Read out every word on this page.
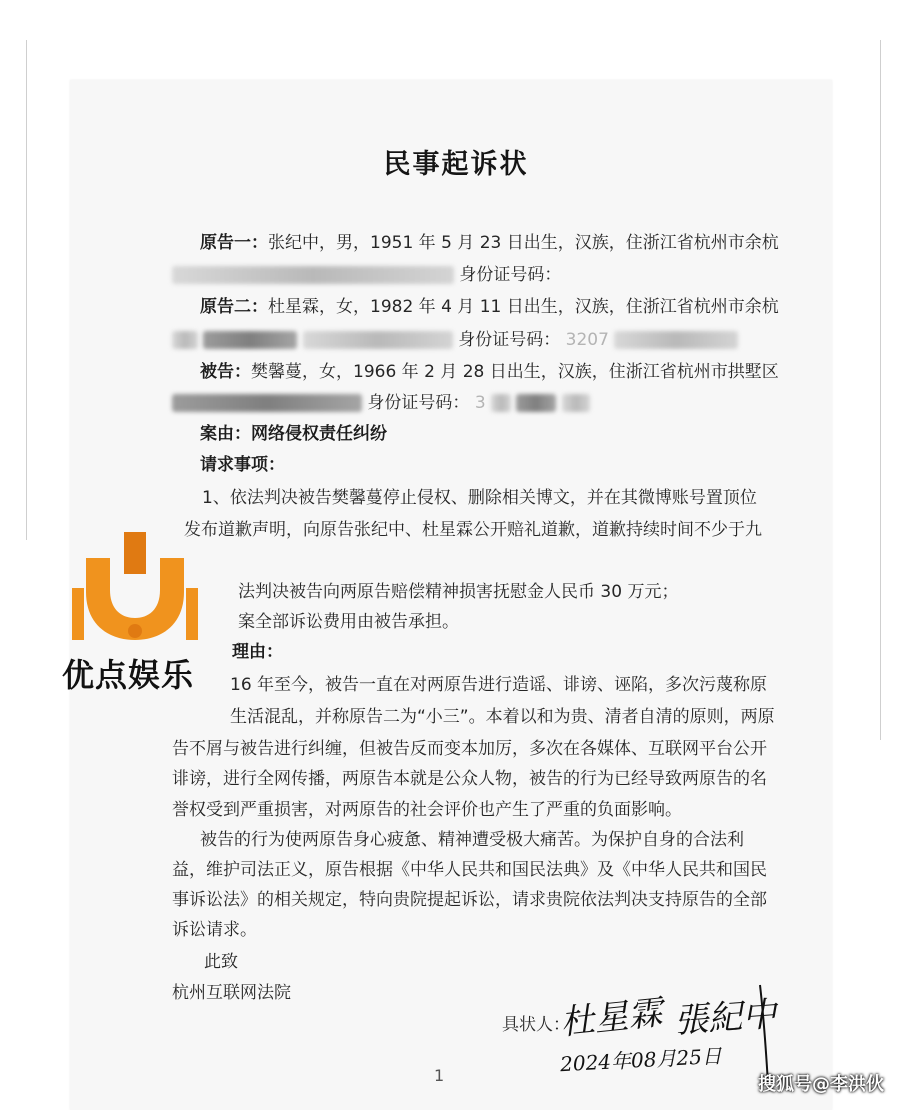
民事起诉状
原告一：张纪中，男，1951 年 5 月 23 日出生，汉族，住浙江省杭州市余杭
身份证号码：
原告二：杜星霖，女，1982 年 4 月 11 日出生，汉族，住浙江省杭州市余杭
身份证号码： 3207
被告：樊馨蔓，女，1966 年 2 月 28 日出生，汉族，住浙江省杭州市拱墅区
身份证号码： 3
案由：网络侵权责任纠纷
请求事项：
1、依法判决被告樊馨蔓停止侵权、删除相关博文，并在其微博账号置顶位
发布道歉声明，向原告张纪中、杜星霖公开赔礼道歉，道歉持续时间不少于九
法判决被告向两原告赔偿精神损害抚慰金人民币 30 万元；
案全部诉讼费用由被告承担。
理由：
16 年至今，被告一直在对两原告进行造谣、诽谤、诬陷，多次污蔑称原
生活混乱，并称原告二为“小三”。本着以和为贵、清者自清的原则，两原
告不屑与被告进行纠缠，但被告反而变本加厉，多次在各媒体、互联网平台公开
诽谤，进行全网传播，两原告本就是公众人物，被告的行为已经导致两原告的名
誉权受到严重损害，对两原告的社会评价也产生了严重的负面影响。
被告的行为使两原告身心疲惫、精神遭受极大痛苦。为保护自身的合法利
益，维护司法正义，原告根据《中华人民共和国民法典》及《中华人民共和国民
事诉讼法》的相关规定，特向贵院提起诉讼，请求贵院依法判决支持原告的全部
诉讼请求。
此致
杭州互联网法院
具状人：
杜星霖 張紀中
2024年08月25日
1
优点娱乐
搜狐号@李洪伙
